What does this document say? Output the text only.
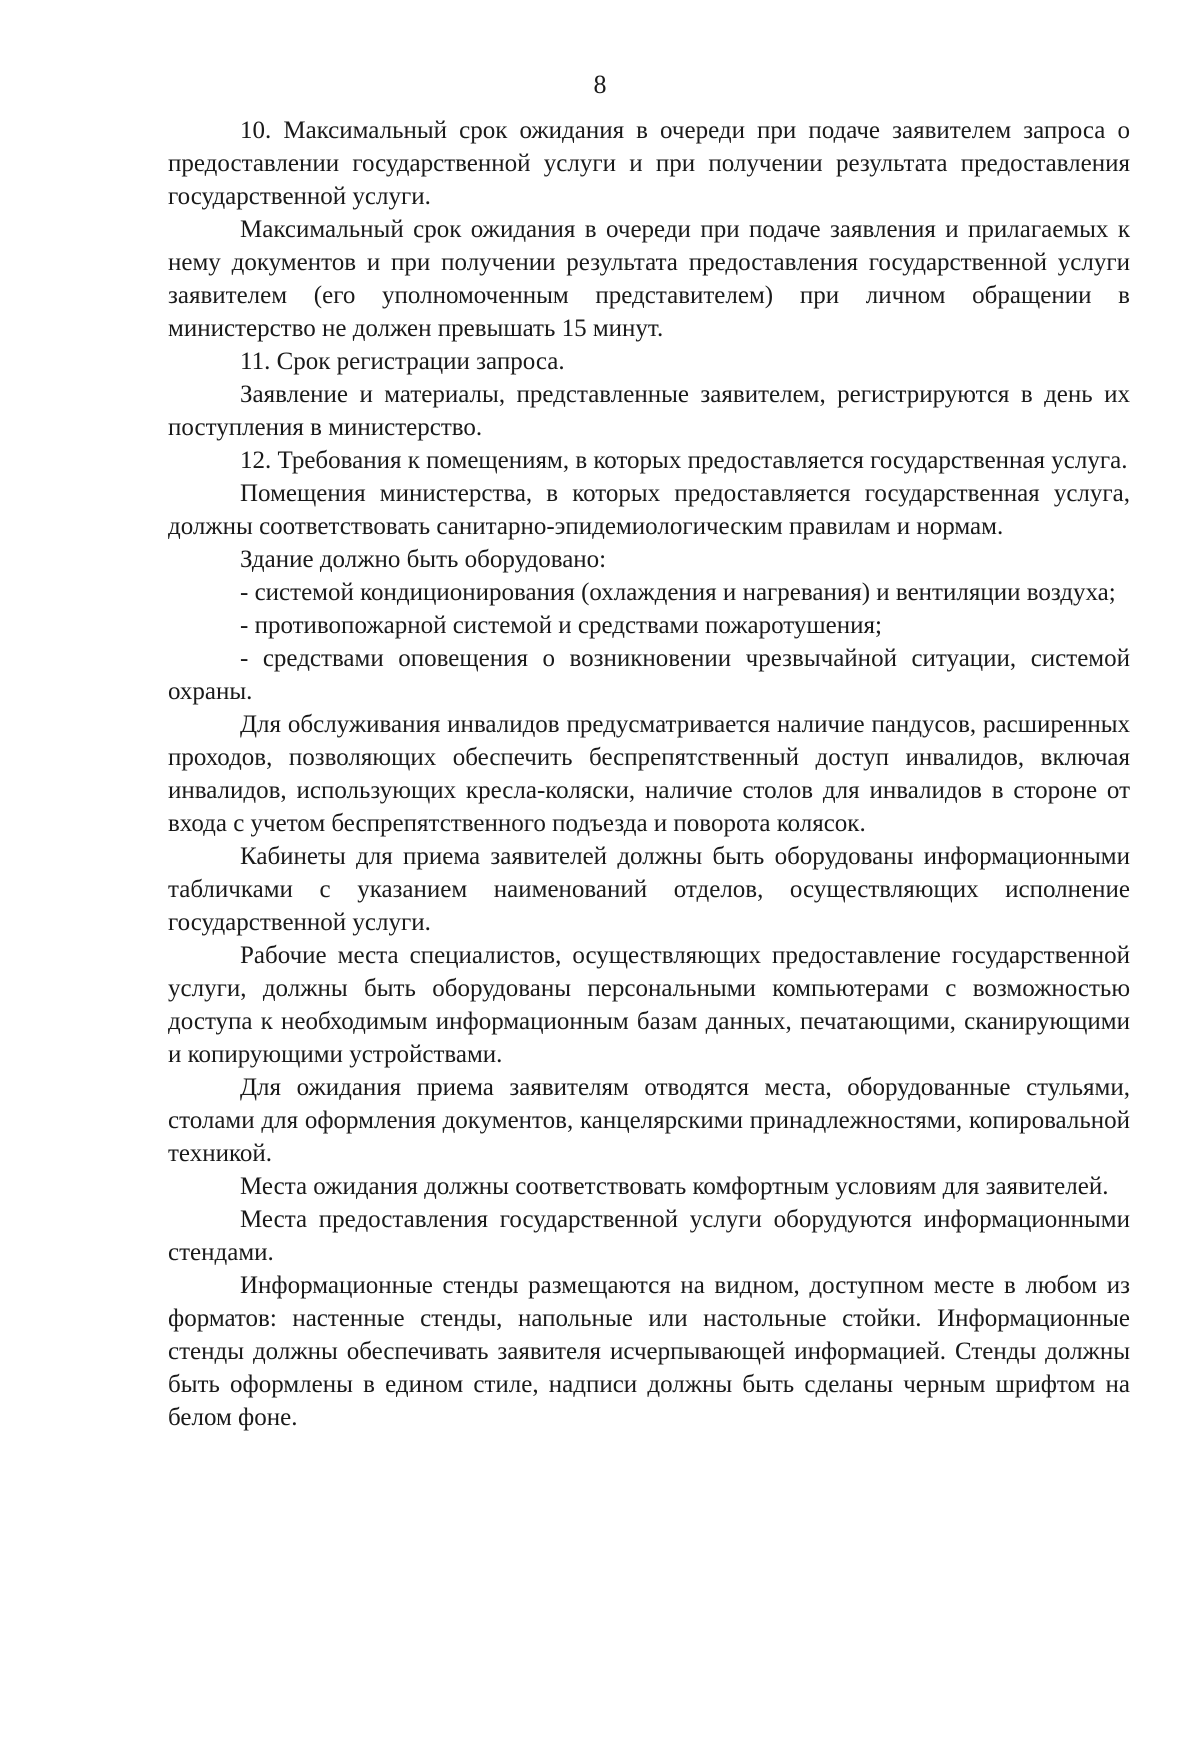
8

10. Максимальный срок ожидания в очереди при подаче заявителем запроса о предоставлении государственной услуги и при получении результата предоставления государственной услуги.

Максимальный срок ожидания в очереди при подаче заявления и прилагаемых к нему документов и при получении результата предоставления государственной услуги заявителем (его уполномоченным представителем) при личном обращении в министерство не должен превышать 15 минут.

11. Срок регистрации запроса.

Заявление и материалы, представленные заявителем, регистрируются в день их поступления в министерство.

12. Требования к помещениям, в которых предоставляется государственная услуга.

Помещения министерства, в которых предоставляется государственная услуга, должны соответствовать санитарно-эпидемиологическим правилам и нормам.

Здание должно быть оборудовано:

- системой кондиционирования (охлаждения и нагревания) и вентиляции воздуха;

- противопожарной системой и средствами пожаротушения;

- средствами оповещения о возникновении чрезвычайной ситуации, системой охраны.

Для обслуживания инвалидов предусматривается наличие пандусов, расширенных проходов, позволяющих обеспечить беспрепятственный доступ инвалидов, включая инвалидов, использующих кресла-коляски, наличие столов для инвалидов в стороне от входа с учетом беспрепятственного подъезда и поворота колясок.

Кабинеты для приема заявителей должны быть оборудованы информационными табличками с указанием наименований отделов, осуществляющих исполнение государственной услуги.

Рабочие места специалистов, осуществляющих предоставление государственной услуги, должны быть оборудованы персональными компьютерами с возможностью доступа к необходимым информационным базам данных, печатающими, сканирующими и копирующими устройствами.

Для ожидания приема заявителям отводятся места, оборудованные стульями, столами для оформления документов, канцелярскими принадлежностями, копировальной техникой.

Места ожидания должны соответствовать комфортным условиям для заявителей.

Места предоставления государственной услуги оборудуются информационными стендами.

Информационные стенды размещаются на видном, доступном месте в любом из форматов: настенные стенды, напольные или настольные стойки. Информационные стенды должны обеспечивать заявителя исчерпывающей информацией. Стенды должны быть оформлены в едином стиле, надписи должны быть сделаны черным шрифтом на белом фоне.
